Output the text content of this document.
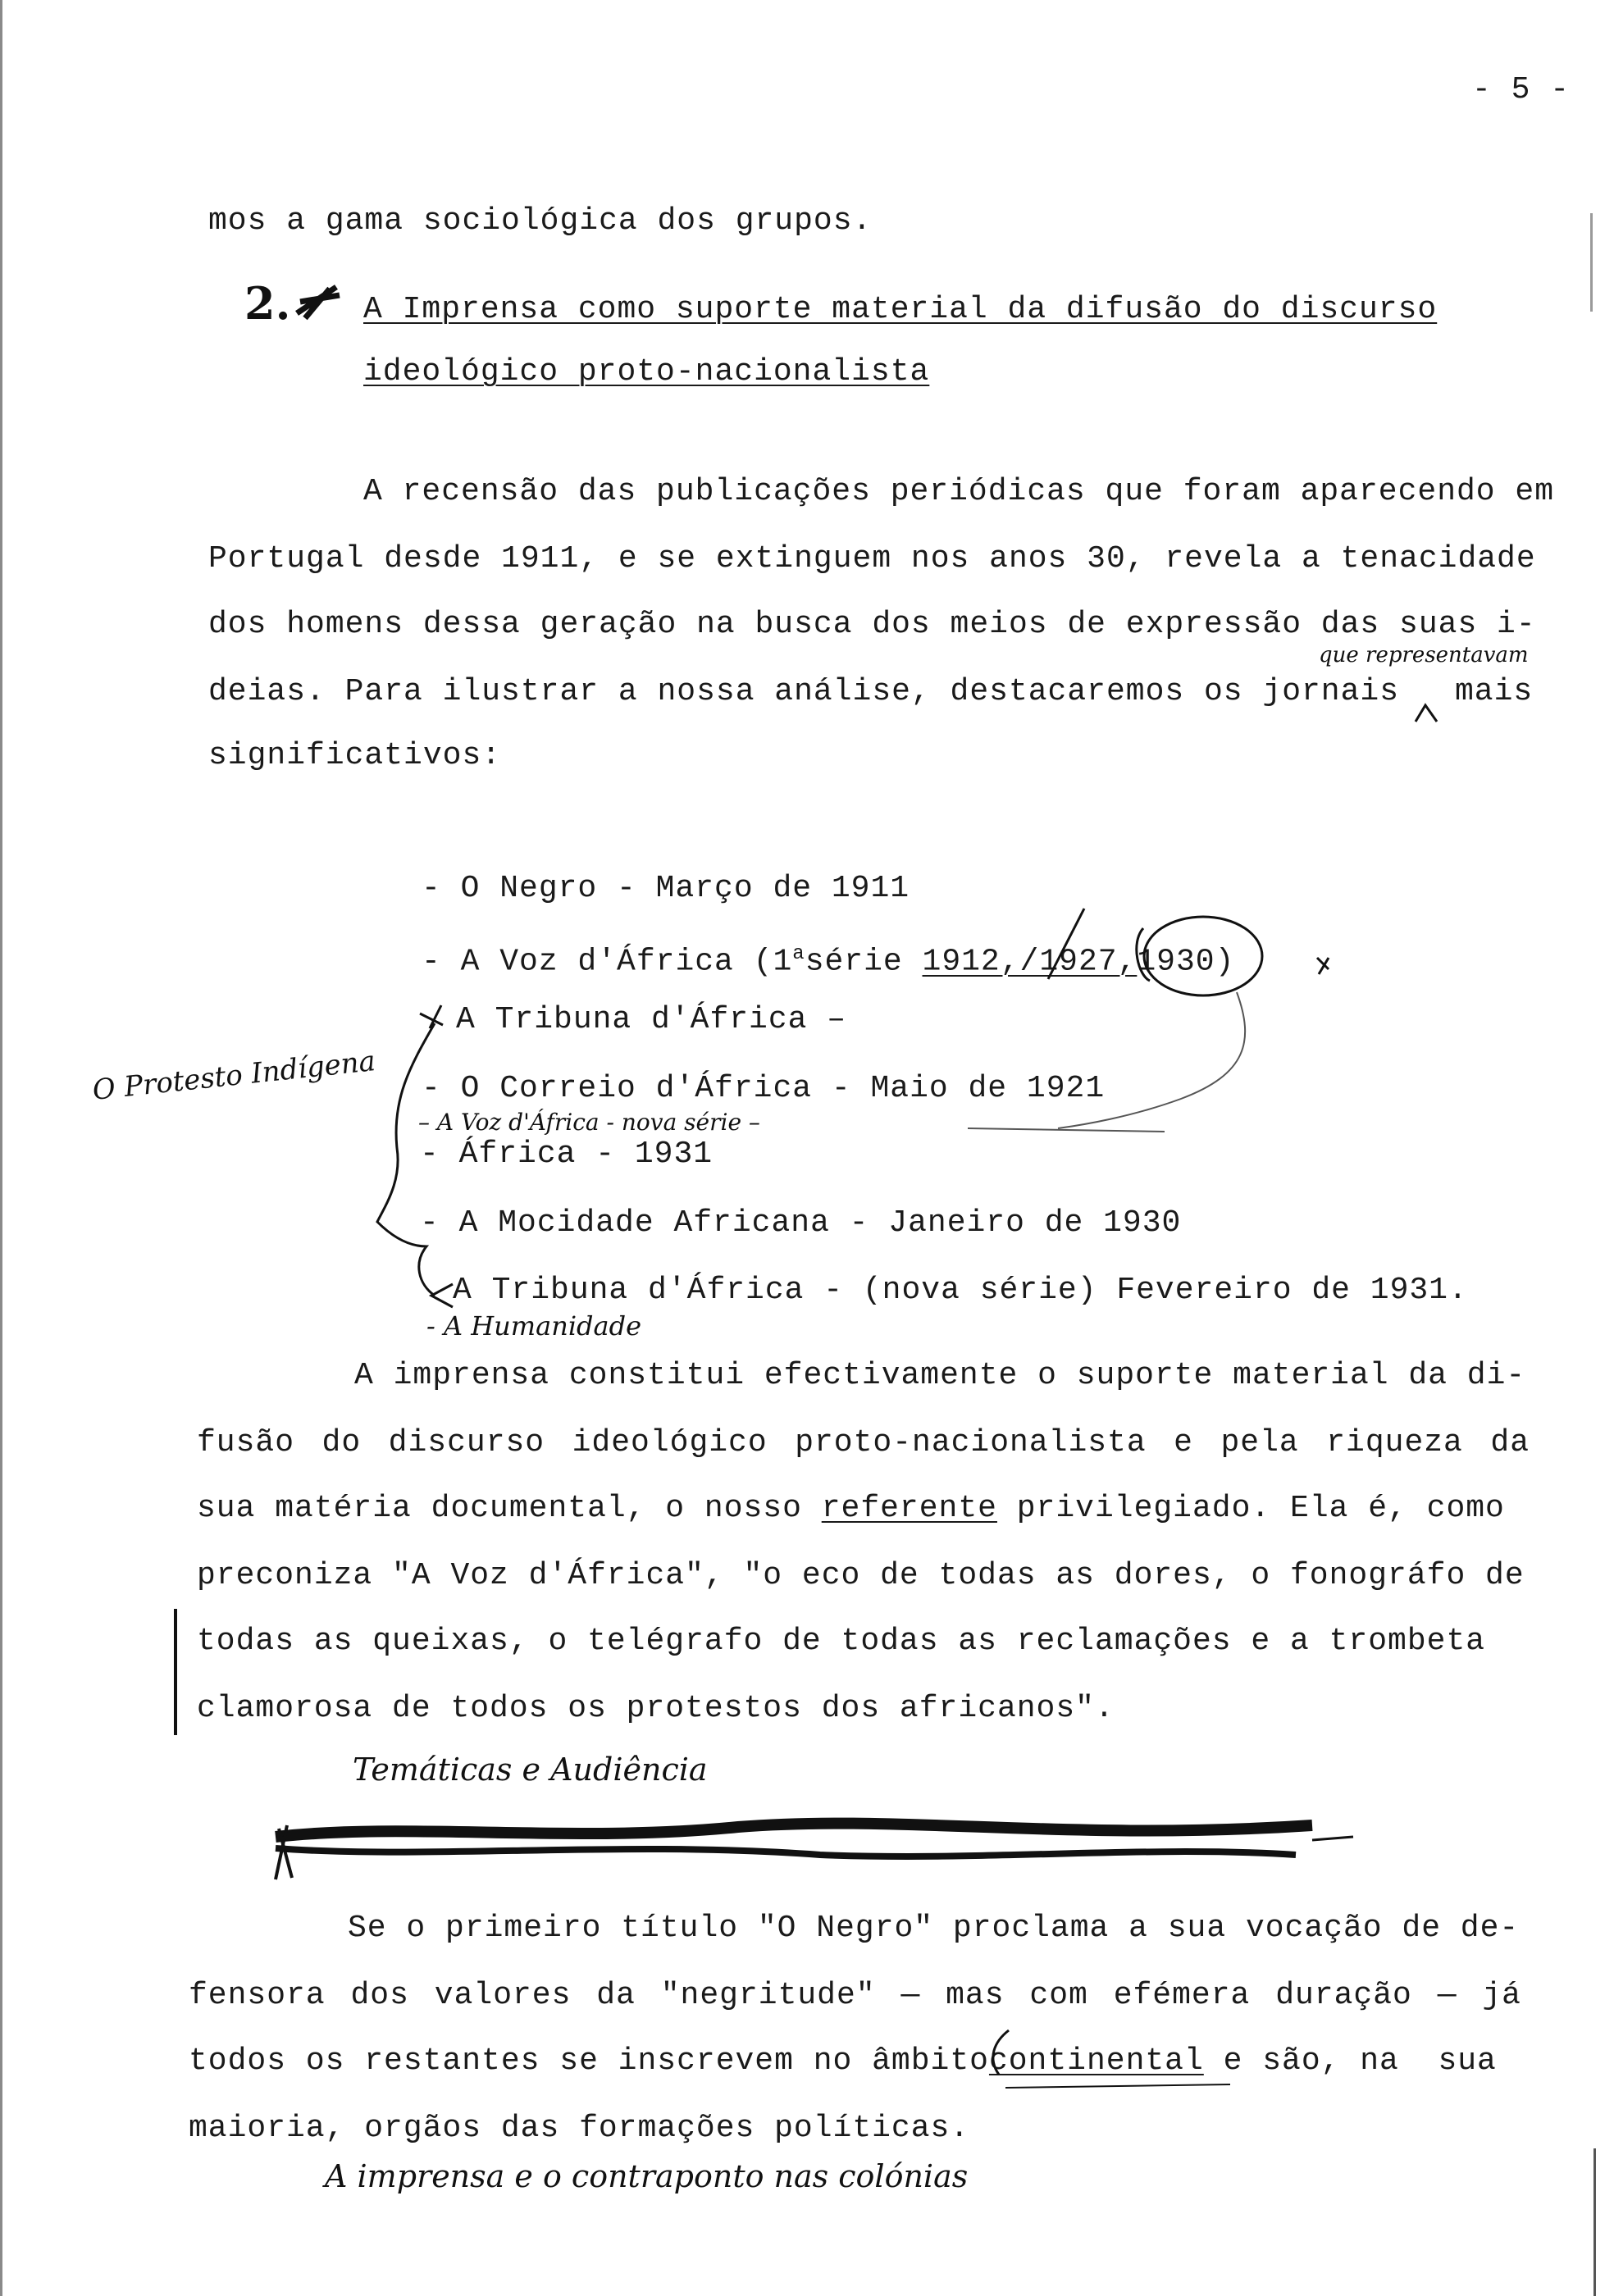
- 5 -
mos a gama sociológica dos grupos.
2. A Imprensa como suporte material da difusão do discurso
ideológico proto-nacionalista
A recensão das publicações periódicas que foram aparecendo em
Portugal desde 1911, e se extinguem nos anos 30, revela a tenacidade
dos homens dessa geração na busca dos meios de expressão das suas i-
deias. Para ilustrar a nossa análise, destacaremos os jornais mais
significativos:
- O Negro - Março de 1911
- A Voz d'África (1$^a$série 1912,/1927,1930)
A Tribuna d'África –
- O Correio d'África - Maio de 1921
- África - 1931
- A Mocidade Africana - Janeiro de 1930
A Tribuna d'África - (nova série) Fevereiro de 1931.
A imprensa constitui efectivamente o suporte material da di-
fusão do discurso ideológico proto-nacionalista e pela riqueza da
sua matéria documental, o nosso referente privilegiado. Ela é, como
preconiza "A Voz d'África", "o eco de todas as dores, o fonográfo de
todas as queixas, o telégrafo de todas as reclamações e a trombeta
clamorosa de todos os protestos dos africanos".
Se o primeiro título "O Negro" proclama a sua vocação de de-
fensora dos valores da "negritude" — mas com efémera duração — já
todos os restantes se inscrevem no âmbitocontinental e são, na  sua
maioria, orgãos das formações políticas.
que representavam
O Protesto Indígena
– A Voz d'África - nova série –
- A Humanidade
Temáticas e Audiência
A imprensa e o contraponto nas colónias
